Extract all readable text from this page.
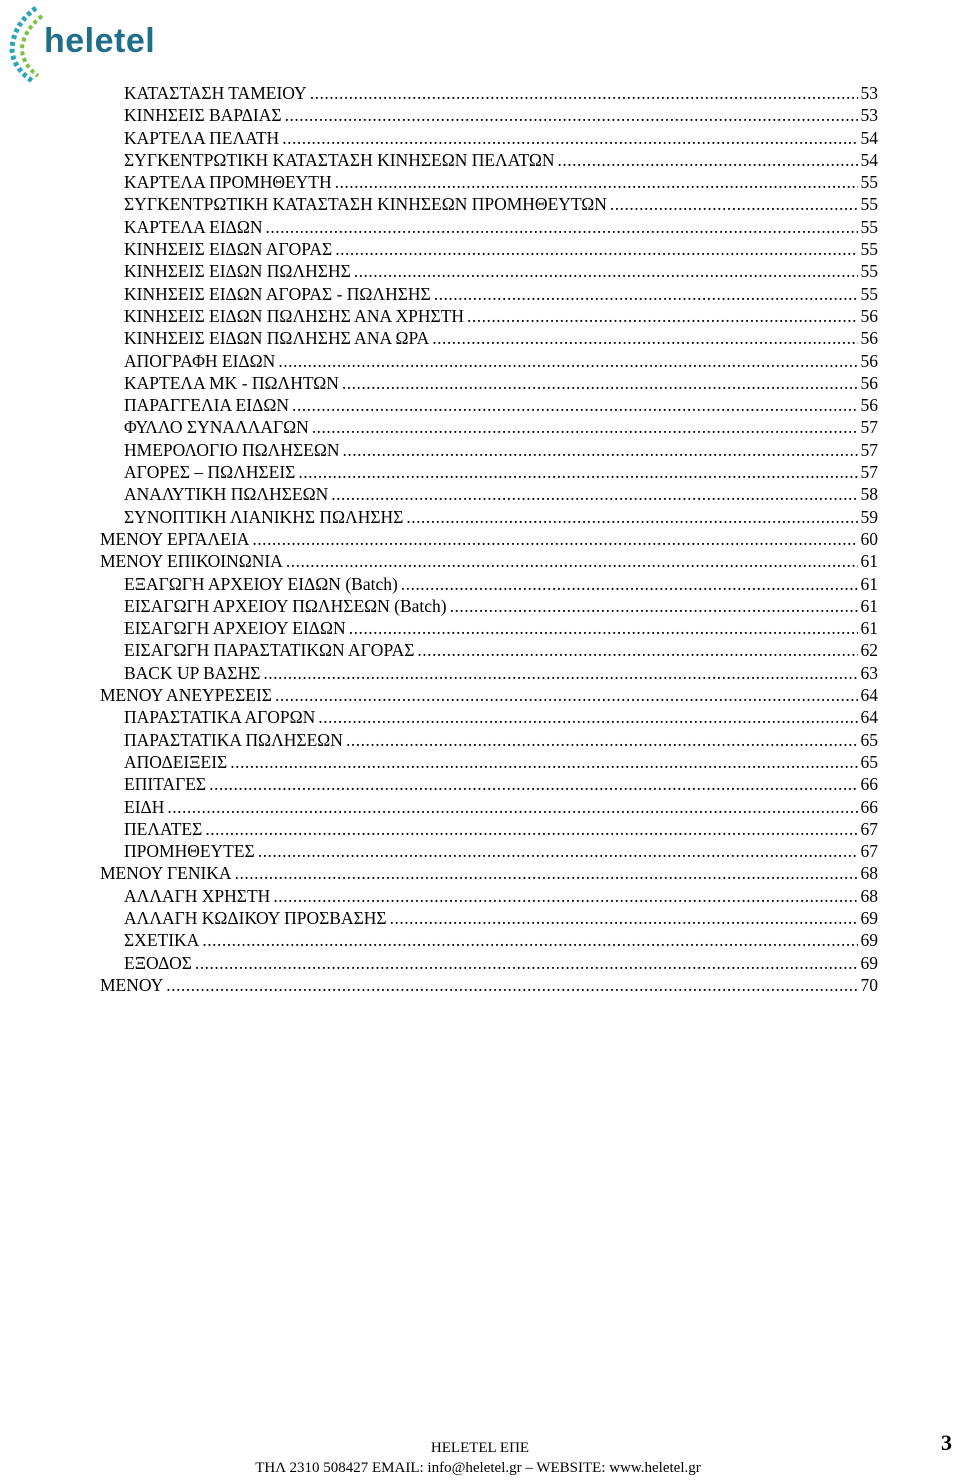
heletel
ΚΑΤΑΣΤΑΣΗ ΤΑΜΕΙΟΥ .....	53
ΚΙΝΗΣΕΙΣ ΒΑΡΔΙΑΣ .....	53
ΚΑΡΤΕΛΑ ΠΕΛΑΤΗ .....	54
ΣΥΓΚΕΝΤΡΩΤΙΚΗ ΚΑΤΑΣΤΑΣΗ ΚΙΝΗΣΕΩΝ ΠΕΛΑΤΩΝ .....	54
ΚΑΡΤΕΛΑ ΠΡΟΜΗΘΕΥΤΗ .....	55
ΣΥΓΚΕΝΤΡΩΤΙΚΗ ΚΑΤΑΣΤΑΣΗ ΚΙΝΗΣΕΩΝ ΠΡΟΜΗΘΕΥΤΩΝ .....	55
ΚΑΡΤΕΛΑ ΕΙΔΩΝ .....	55
ΚΙΝΗΣΕΙΣ ΕΙΔΩΝ ΑΓΟΡΑΣ .....	55
ΚΙΝΗΣΕΙΣ ΕΙΔΩΝ ΠΩΛΗΣΗΣ .....	55
ΚΙΝΗΣΕΙΣ ΕΙΔΩΝ ΑΓΟΡΑΣ - ΠΩΛΗΣΗΣ .....	55
ΚΙΝΗΣΕΙΣ ΕΙΔΩΝ ΠΩΛΗΣΗΣ ΑΝΑ ΧΡΗΣΤΗ .....	56
ΚΙΝΗΣΕΙΣ ΕΙΔΩΝ ΠΩΛΗΣΗΣ ΑΝΑ ΩΡΑ .....	56
ΑΠΟΓΡΑΦΗ ΕΙΔΩΝ .....	56
ΚΑΡΤΕΛΑ ΜΚ - ΠΩΛΗΤΩΝ .....	56
ΠΑΡΑΓΓΕΛΙΑ ΕΙΔΩΝ .....	56
ΦΥΛΛΟ ΣΥΝΑΛΛΑΓΩΝ .....	57
ΗΜΕΡΟΛΟΓΙΟ ΠΩΛΗΣΕΩΝ .....	57
ΑΓΟΡΕΣ – ΠΩΛΗΣΕΙΣ .....	57
ΑΝΑΛΥΤΙΚΗ ΠΩΛΗΣΕΩΝ .....	58
ΣΥΝΟΠΤΙΚΗ ΛΙΑΝΙΚΗΣ ΠΩΛΗΣΗΣ .....	59
ΜΕΝΟΥ ΕΡΓΑΛΕΙΑ .....	60
ΜΕΝΟΥ ΕΠΙΚΟΙΝΩΝΙΑ .....	61
ΕΞΑΓΩΓΗ ΑΡΧΕΙΟΥ ΕΙΔΩΝ (Batch) .....	61
ΕΙΣΑΓΩΓΗ ΑΡΧΕΙΟΥ ΠΩΛΗΣΕΩΝ (Batch) .....	61
ΕΙΣΑΓΩΓΗ ΑΡΧΕΙΟΥ ΕΙΔΩΝ .....	61
ΕΙΣΑΓΩΓΗ ΠΑΡΑΣΤΑΤΙΚΩΝ ΑΓΟΡΑΣ .....	62
BACK UP ΒΑΣΗΣ .....	63
ΜΕΝΟΥ ΑΝΕΥΡΕΣΕΙΣ .....	64
ΠΑΡΑΣΤΑΤΙΚΑ ΑΓΟΡΩΝ .....	64
ΠΑΡΑΣΤΑΤΙΚΑ ΠΩΛΗΣΕΩΝ .....	65
ΑΠΟΔΕΙΞΕΙΣ .....	65
ΕΠΙΤΑΓΕΣ .....	66
ΕΙΔΗ .....	66
ΠΕΛΑΤΕΣ .....	67
ΠΡΟΜΗΘΕΥΤΕΣ .....	67
ΜΕΝΟΥ ΓΕΝΙΚΑ .....	68
ΑΛΛΑΓΗ ΧΡΗΣΤΗ .....	68
ΑΛΛΑΓΗ ΚΩΔΙΚΟΥ ΠΡΟΣΒΑΣΗΣ .....	69
ΣΧΕΤΙΚΑ .....	69
ΕΞΟΔΟΣ .....	69
ΜΕΝΟΥ .....	70
HELETEL ΕΠΕ
ΤΗΛ 2310 508427 EMAIL: info@heletel.gr – WEBSITE: www.heletel.gr
3
